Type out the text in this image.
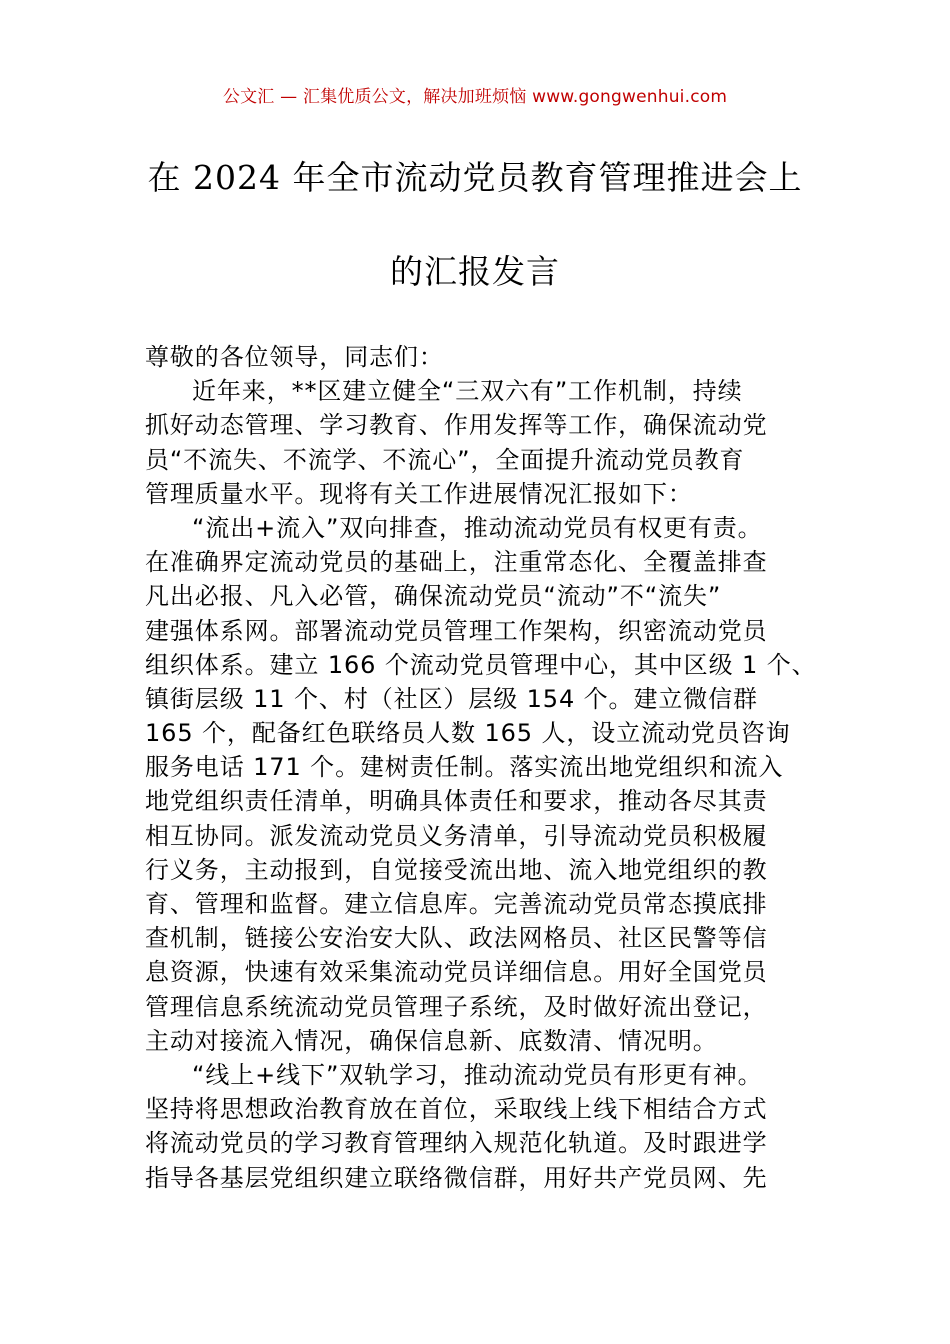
公文汇 — 汇集优质公文，解决加班烦恼 www.gongwenhui.com
在 2024 年全市流动党员教育管理推进会上
的汇报发言
尊敬的各位领导，同志们：
近年来，**区建立健全“三双六有”工作机制，持续
抓好动态管理、学习教育、作用发挥等工作，确保流动党
员“不流失、不流学、不流心”，全面提升流动党员教育
管理质量水平。现将有关工作进展情况汇报如下：
“流出+流入”双向排查，推动流动党员有权更有责。
在准确界定流动党员的基础上，注重常态化、全覆盖排查
凡出必报、凡入必管，确保流动党员“流动”不“流失”
建强体系网。部署流动党员管理工作架构，织密流动党员
组织体系。建立 166 个流动党员管理中心，其中区级 1 个、
镇街层级 11 个、村（社区）层级 154 个。建立微信群
165 个，配备红色联络员人数 165 人，设立流动党员咨询
服务电话 171 个。建树责任制。落实流出地党组织和流入
地党组织责任清单，明确具体责任和要求，推动各尽其责
相互协同。派发流动党员义务清单，引导流动党员积极履
行义务，主动报到，自觉接受流出地、流入地党组织的教
育、管理和监督。建立信息库。完善流动党员常态摸底排
查机制，链接公安治安大队、政法网格员、社区民警等信
息资源，快速有效采集流动党员详细信息。用好全国党员
管理信息系统流动党员管理子系统，及时做好流出登记，
主动对接流入情况，确保信息新、底数清、情况明。
“线上+线下”双轨学习，推动流动党员有形更有神。
坚持将思想政治教育放在首位，采取线上线下相结合方式
将流动党员的学习教育管理纳入规范化轨道。及时跟进学
指导各基层党组织建立联络微信群，用好共产党员网、先
